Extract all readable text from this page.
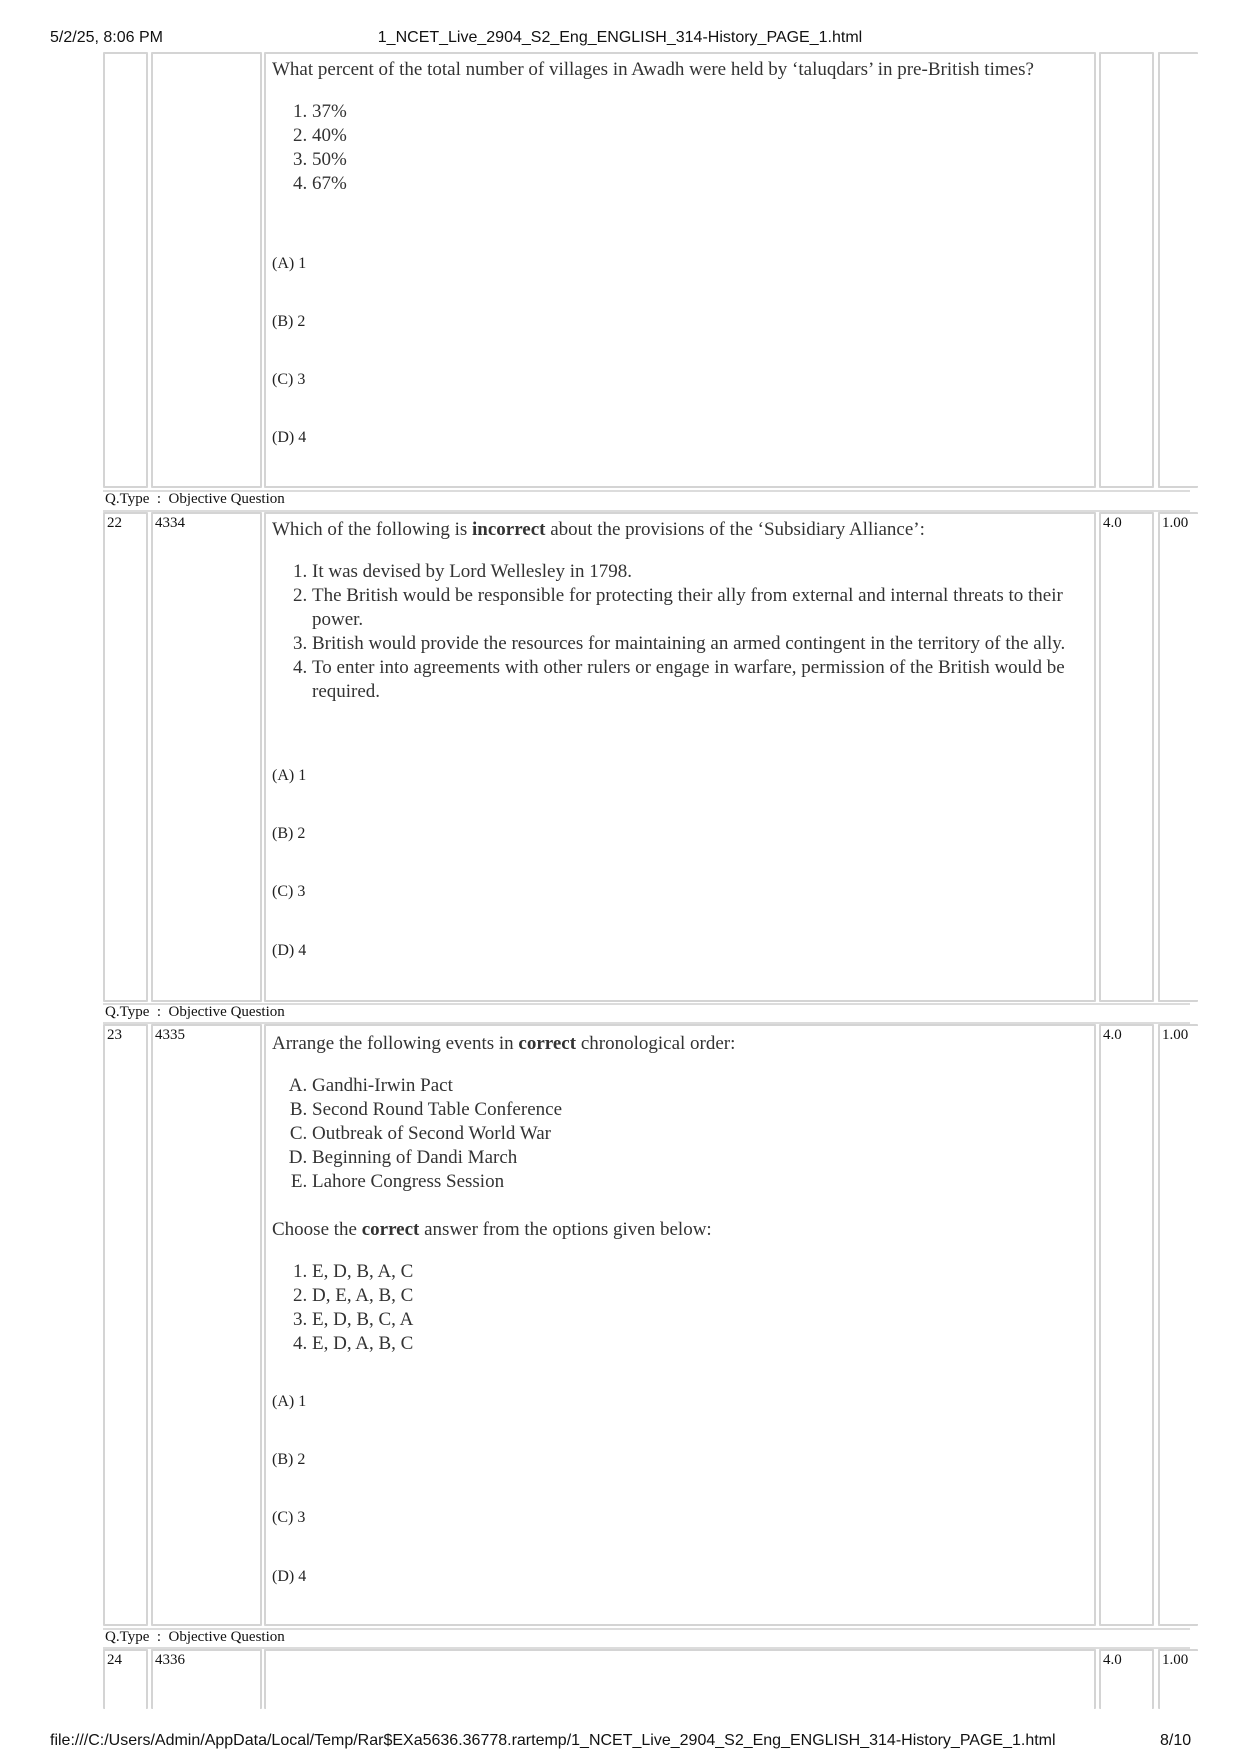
5/2/25, 8:06 PM	1_NCET_Live_2904_S2_Eng_ENGLISH_314-History_PAGE_1.html

What percent of the total number of villages in Awadh were held by ‘taluqdars’ in pre-British times?

1. 37%
2. 40%
3. 50%
4. 67%
(A) 1
(B) 2
(C) 3
(D) 4
Q.Type  :  Objective Question
22	4334	4.0	1.00

Which of the following is incorrect about the provisions of the ‘Subsidiary Alliance’:

1. It was devised by Lord Wellesley in 1798.
2. The British would be responsible for protecting their ally from external and internal threats to their power.
3. British would provide the resources for maintaining an armed contingent in the territory of the ally.
4. To enter into agreements with other rulers or engage in warfare, permission of the British would be required.
(A) 1
(B) 2
(C) 3
(D) 4
Q.Type  :  Objective Question
23	4335	4.0	1.00

Arrange the following events in correct chronological order:

A. Gandhi-Irwin Pact
B. Second Round Table Conference
C. Outbreak of Second World War
D. Beginning of Dandi March
E. Lahore Congress Session

Choose the correct answer from the options given below:

1. E, D, B, A, C
2. D, E, A, B, C
3. E, D, B, C, A
4. E, D, A, B, C
(A) 1
(B) 2
(C) 3
(D) 4
Q.Type  :  Objective Question
24	4336	4.0	1.00
file:///C:/Users/Admin/AppData/Local/Temp/Rar$EXa5636.36778.rartemp/1_NCET_Live_2904_S2_Eng_ENGLISH_314-History_PAGE_1.html	8/10
